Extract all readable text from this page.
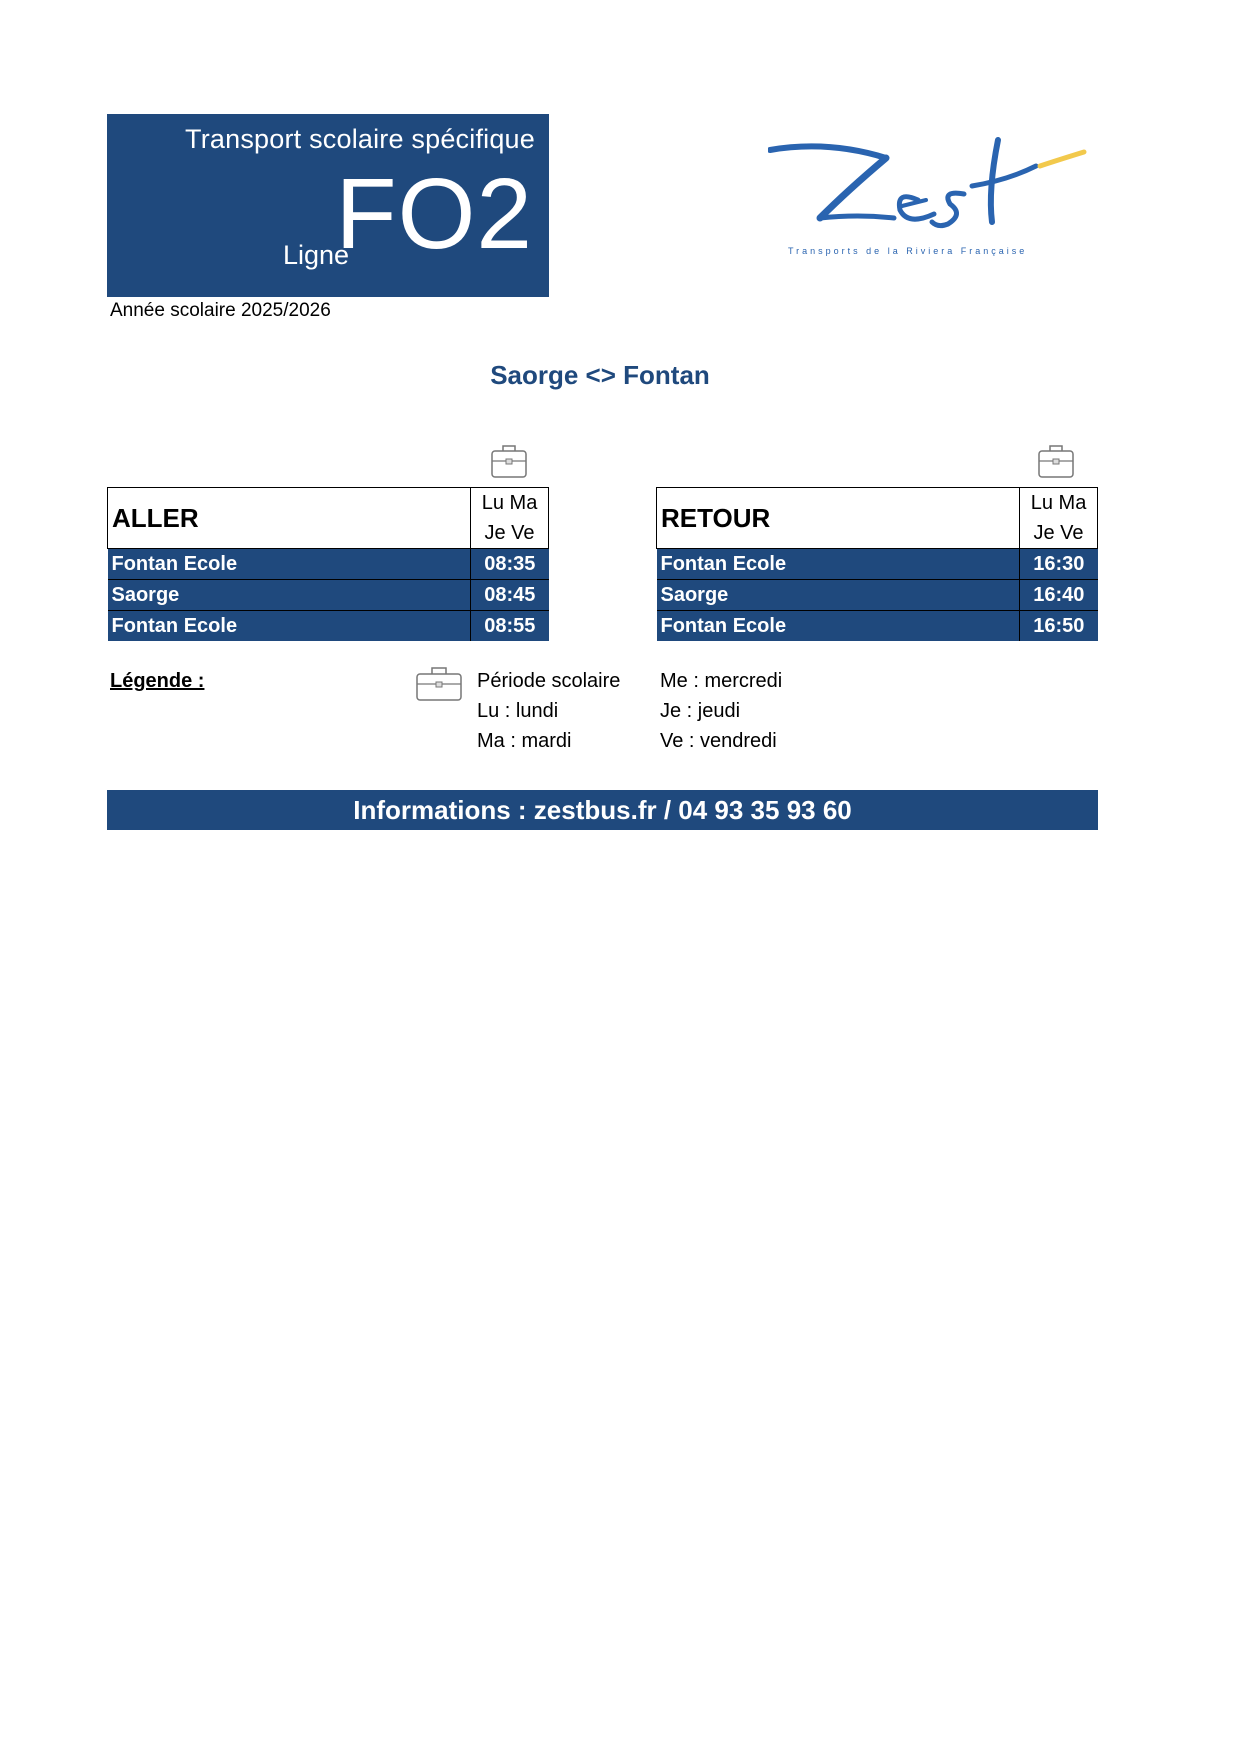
Transport scolaire spécifique
Ligne
FO2
Année scolaire 2025/2026
Transports de la Riviera Française
Saorge <> Fontan
ALLER	Lu Ma
Je Ve

Fontan Ecole	08:35
Saorge	08:45
Fontan Ecole	08:55
RETOUR	Lu Ma
Je Ve

Fontan Ecole	16:30
Saorge	16:40
Fontan Ecole	16:50
Légende :	Période scolaire
Lu : lundi
Ma : mardi
Me : mercredi
Je : jeudi
Ve : vendredi
Informations : zestbus.fr / 04 93 35 93 60
